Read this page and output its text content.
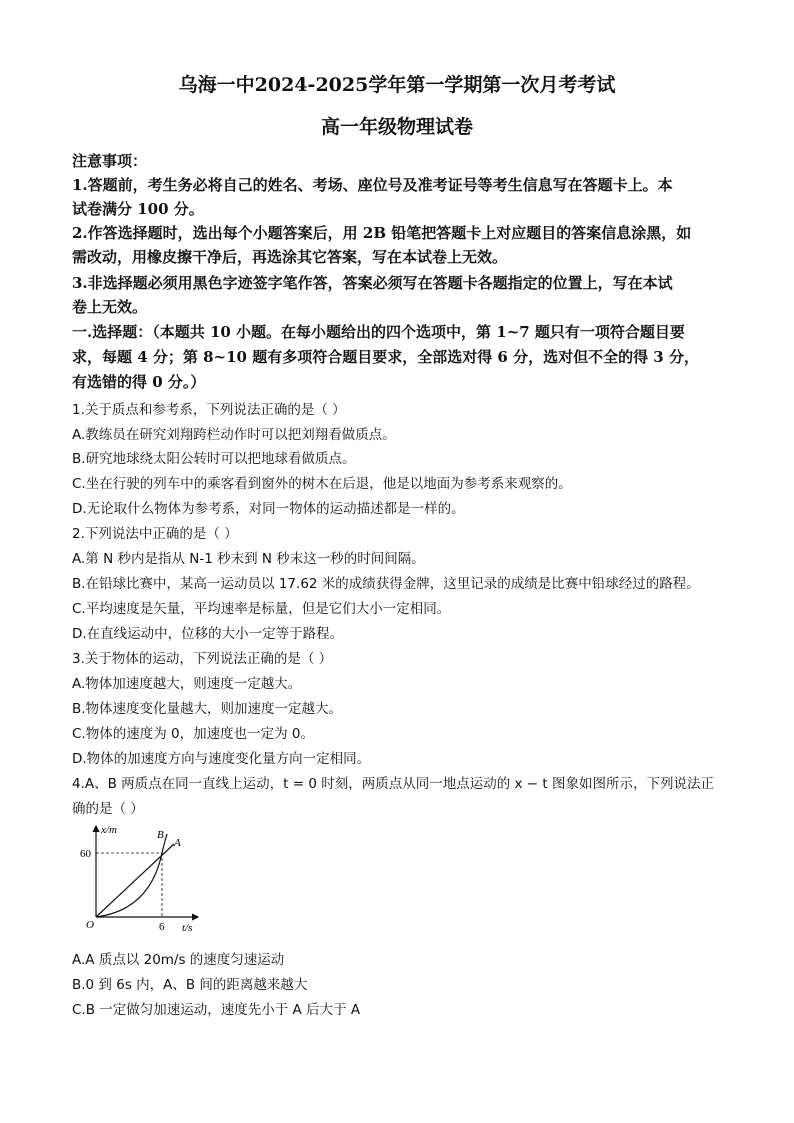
乌海一中2024-2025学年第一学期第一次月考考试
高一年级物理试卷
注意事项：
1.答题前，考生务必将自己的姓名、考场、座位号及准考证号等考生信息写在答题卡上。本
试卷满分 100 分。
2.作答选择题时，选出每个小题答案后，用 2B 铅笔把答题卡上对应题目的答案信息涂黑，如
需改动，用橡皮擦干净后，再选涂其它答案，写在本试卷上无效。
3.非选择题必须用黑色字迹签字笔作答，答案必须写在答题卡各题指定的位置上，写在本试
卷上无效。
一.选择题：（本题共 10 小题。在每小题给出的四个选项中，第 1~7 题只有一项符合题目要
求，每题 4 分；第 8~10 题有多项符合题目要求，全部选对得 6 分，选对但不全的得 3 分，
有选错的得 0 分。）
1.关于质点和参考系，下列说法正确的是（ ）
A.教练员在研究刘翔跨栏动作时可以把刘翔看做质点。
B.研究地球绕太阳公转时可以把地球看做质点。
C.坐在行驶的列车中的乘客看到窗外的树木在后退，他是以地面为参考系来观察的。
D.无论取什么物体为参考系，对同一物体的运动描述都是一样的。
2.下列说法中正确的是（ ）
A.第 N 秒内是指从 N-1 秒末到 N 秒末这一秒的时间间隔。
B.在铅球比赛中，某高一运动员以 17.62 米的成绩获得金牌，这里记录的成绩是比赛中铅球经过的路程。
C.平均速度是矢量，平均速率是标量，但是它们大小一定相同。
D.在直线运动中，位移的大小一定等于路程。
3.关于物体的运动，下列说法正确的是（ ）
A.物体加速度越大，则速度一定越大。
B.物体速度变化量越大，则加速度一定越大。
C.物体的速度为 0，加速度也一定为 0。
D.物体的加速度方向与速度变化量方向一定相同。
4.A、B 两质点在同一直线上运动，t = 0 时刻，两质点从同一地点运动的 x − t 图象如图所示，下列说法正
确的是（ ）
x/m
t/s
O
60
6
B
A
A.A 质点以 20m/s 的速度匀速运动
B.0 到 6s 内，A、B 间的距离越来越大
C.B 一定做匀加速运动，速度先小于 A 后大于 A
